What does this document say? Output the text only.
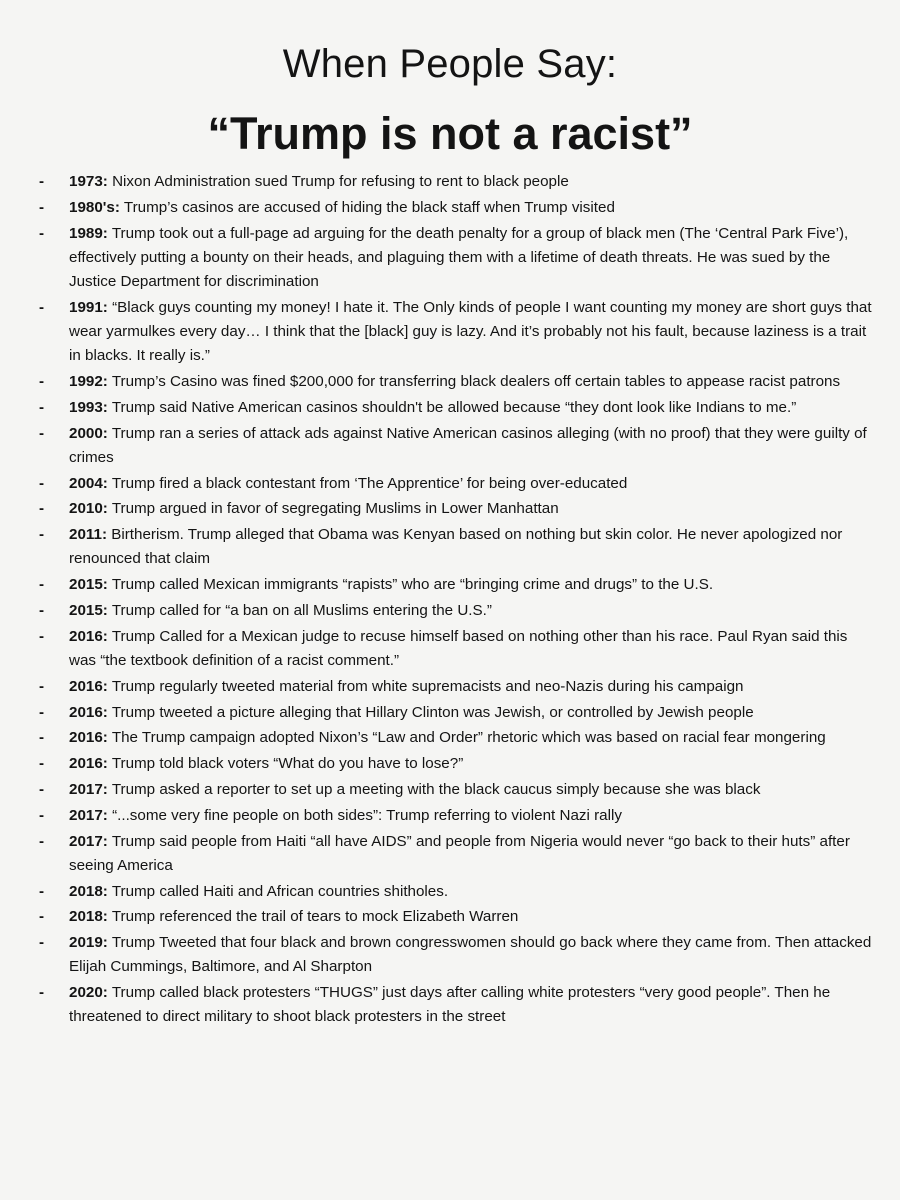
When People Say:
“Trump is not a racist”
- 1973: Nixon Administration sued Trump for refusing to rent to black people
- 1980's: Trump’s casinos are accused of hiding the black staff when Trump visited
- 1989: Trump took out a full-page ad arguing for the death penalty for a group of black men (The ‘Central Park Five’), effectively putting a bounty on their heads, and plaguing them with a lifetime of death threats. He was sued by the Justice Department for discrimination
- 1991: “Black guys counting my money! I hate it. The Only kinds of people I want counting my money are short guys that wear yarmulkes every day… I think that the [black] guy is lazy. And it’s probably not his fault, because laziness is a trait in blacks. It really is.”
- 1992: Trump’s Casino was fined $200,000 for transferring black dealers off certain tables to appease racist patrons
- 1993: Trump said Native American casinos shouldn't be allowed because “they dont look like Indians to me.”
- 2000: Trump ran a series of attack ads against Native American casinos alleging (with no proof) that they were guilty of crimes
- 2004: Trump fired a black contestant from ‘The Apprentice’ for being over-educated
- 2010: Trump argued in favor of segregating Muslims in Lower Manhattan
- 2011: Birtherism. Trump alleged that Obama was Kenyan based on nothing but skin color. He never apologized nor renounced that claim
- 2015: Trump called Mexican immigrants “rapists” who are “bringing crime and drugs” to the U.S.
- 2015: Trump called for “a ban on all Muslims entering the U.S.”
- 2016: Trump Called for a Mexican judge to recuse himself based on nothing other than his race. Paul Ryan said this was “the textbook definition of a racist comment.”
- 2016: Trump regularly tweeted material from white supremacists and neo-Nazis during his campaign
- 2016: Trump tweeted a picture alleging that Hillary Clinton was Jewish, or controlled by Jewish people
- 2016: The Trump campaign adopted Nixon’s “Law and Order” rhetoric which was based on racial fear mongering
- 2016: Trump told black voters “What do you have to lose?”
- 2017: Trump asked a reporter to set up a meeting with the black caucus simply because she was black
- 2017: “...some very fine people on both sides”: Trump referring to violent Nazi rally
- 2017: Trump said people from Haiti “all have AIDS” and people from Nigeria would never “go back to their huts” after seeing America
- 2018: Trump called Haiti and African countries shitholes.
- 2018: Trump referenced the trail of tears to mock Elizabeth Warren
- 2019: Trump Tweeted that four black and brown congresswomen should go back where they came from. Then attacked Elijah Cummings, Baltimore, and Al Sharpton
- 2020: Trump called black protesters “THUGS” just days after calling white protesters “very good people”. Then he threatened to direct military to shoot black protesters in the street
